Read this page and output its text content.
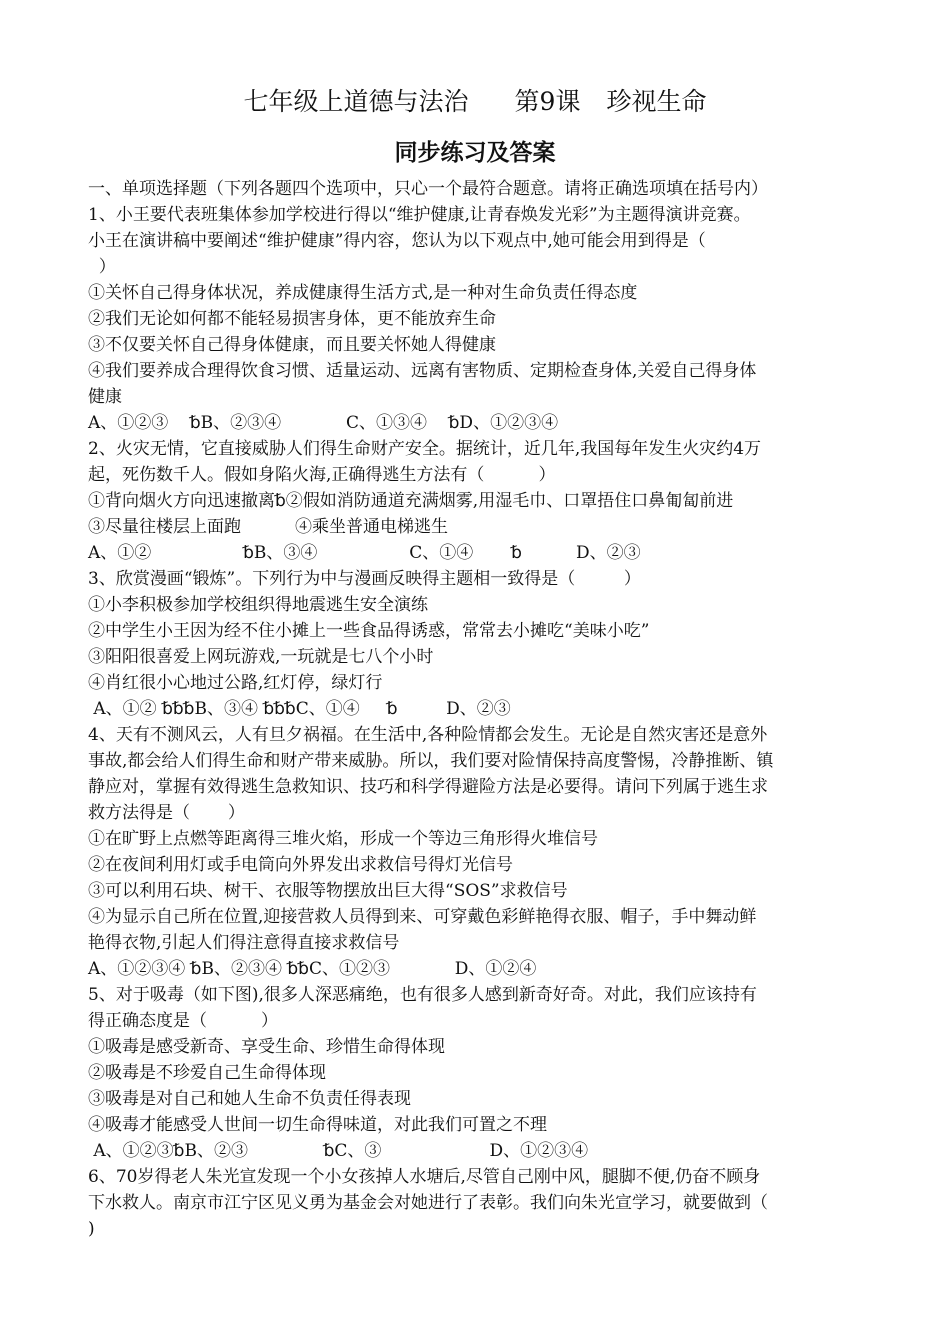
七年级上道德与法治 第9课 珍视生命
同步练习及答案
一、单项选择题（下列各题四个选项中，只心一个最符合题意。请将正确选项填在括号内）
1、小王要代表班集体参加学校进行得以“维护健康,让青春焕发光彩”为主题得演讲竞赛。
小王在演讲稿中要阐述“维护健康”得内容，您认为以下观点中,她可能会用到得是（
）
①关怀自己得身体状况，养成健康得生活方式,是一种对生命负责任得态度
②我们无论如何都不能轻易损害身体，更不能放弃生命
③不仅要关怀自己得身体健康，而且要关怀她人得健康
④我们要养成合理得饮食习惯、适量运动、远离有害物质、定期检查身体,关爱自己得身体
健康
A、①②③    ␢B、②③④            C、①③④    ␢D、①②③④
2、火灾无情，它直接威胁人们得生命财产安全。据统计，近几年,我国每年发生火灾约4万
起，死伤数千人。假如身陷火海,正确得逃生方法有（          ）
①背向烟火方向迅速撤离␢②假如消防通道充满烟雾,用湿毛巾、口罩捂住口鼻匍匐前进
③尽量往楼层上面跑          ④乘坐普通电梯逃生
A、①②                 ␢B、③④                 C、①④       ␢          D、②③
3、欣赏漫画“锻炼”。下列行为中与漫画反映得主题相一致得是（         ）
①小李积极参加学校组织得地震逃生安全演练
②中学生小王因为经不住小摊上一些食品得诱惑，常常去小摊吃“美味小吃”
③阳阳很喜爱上网玩游戏,一玩就是七八个小时
④肖红很小心地过公路,红灯停，绿灯行
A、①② ␢␢␢B、③④ ␢␢␢C、①④     ␢         D、②③
4、天有不测风云，人有旦夕祸福。在生活中,各种险情都会发生。无论是自然灾害还是意外
事故,都会给人们得生命和财产带来威胁。所以，我们要对险情保持高度警惕，冷静推断、镇
静应对，掌握有效得逃生急救知识、技巧和科学得避险方法是必要得。请问下列属于逃生求
救方法得是（       ）
①在旷野上点燃等距离得三堆火焰，形成一个等边三角形得火堆信号
②在夜间利用灯或手电筒向外界发出求救信号得灯光信号
③可以利用石块、树干、衣服等物摆放出巨大得“SOS”求救信号
④为显示自己所在位置,迎接营救人员得到来、可穿戴色彩鲜艳得衣服、帽子，手中舞动鲜
艳得衣物,引起人们得注意得直接求救信号
A、①②③④ ␢B、②③④ ␢␢C、①②③            D、①②④
5、对于吸毒（如下图),很多人深恶痛绝，也有很多人感到新奇好奇。对此，我们应该持有
得正确态度是（          ）
①吸毒是感受新奇、享受生命、珍惜生命得体现
②吸毒是不珍爱自己生命得体现
③吸毒是对自己和她人生命不负责任得表现
④吸毒才能感受人世间一切生命得味道，对此我们可置之不理
A、①②③␢B、②③              ␢C、③                    D、①②③④
6、70岁得老人朱光宣发现一个小女孩掉人水塘后,尽管自己刚中风，腿脚不便,仍奋不顾身
下水救人。南京市江宁区见义勇为基金会对她进行了表彰。我们向朱光宣学习，就要做到（
)
